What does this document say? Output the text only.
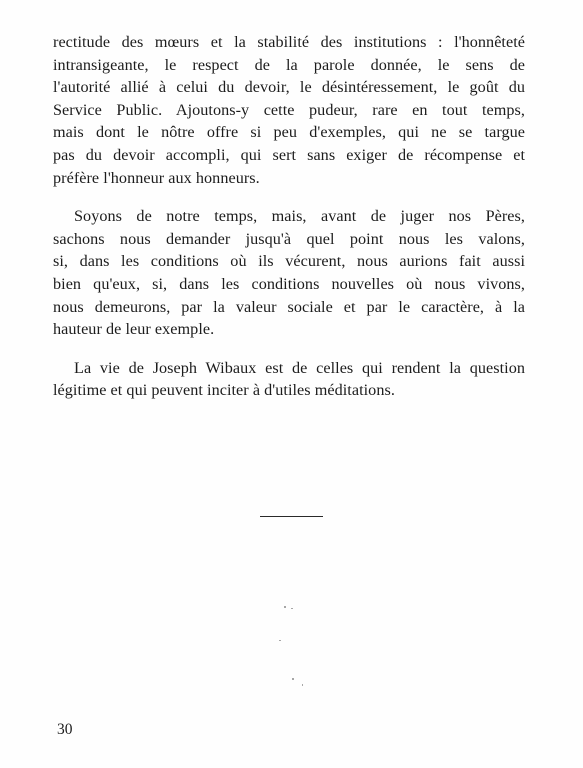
rectitude des mœurs et la stabilité des institutions : l'honnêteté
intransigeante, le respect de la parole donnée, le sens de
l'autorité allié à celui du devoir, le désintéressement, le goût du
Service Public. Ajoutons-y cette pudeur, rare en tout temps,
mais dont le nôtre offre si peu d'exemples, qui ne se targue
pas du devoir accompli, qui sert sans exiger de récompense et
préfère l'honneur aux honneurs.

Soyons de notre temps, mais, avant de juger nos Pères,
sachons nous demander jusqu'à quel point nous les valons,
si, dans les conditions où ils vécurent, nous aurions fait aussi
bien qu'eux, si, dans les conditions nouvelles où nous vivons,
nous demeurons, par la valeur sociale et par le caractère, à la
hauteur de leur exemple.

La vie de Joseph Wibaux est de celles qui rendent la question
légitime et qui peuvent inciter à d'utiles méditations.

30
